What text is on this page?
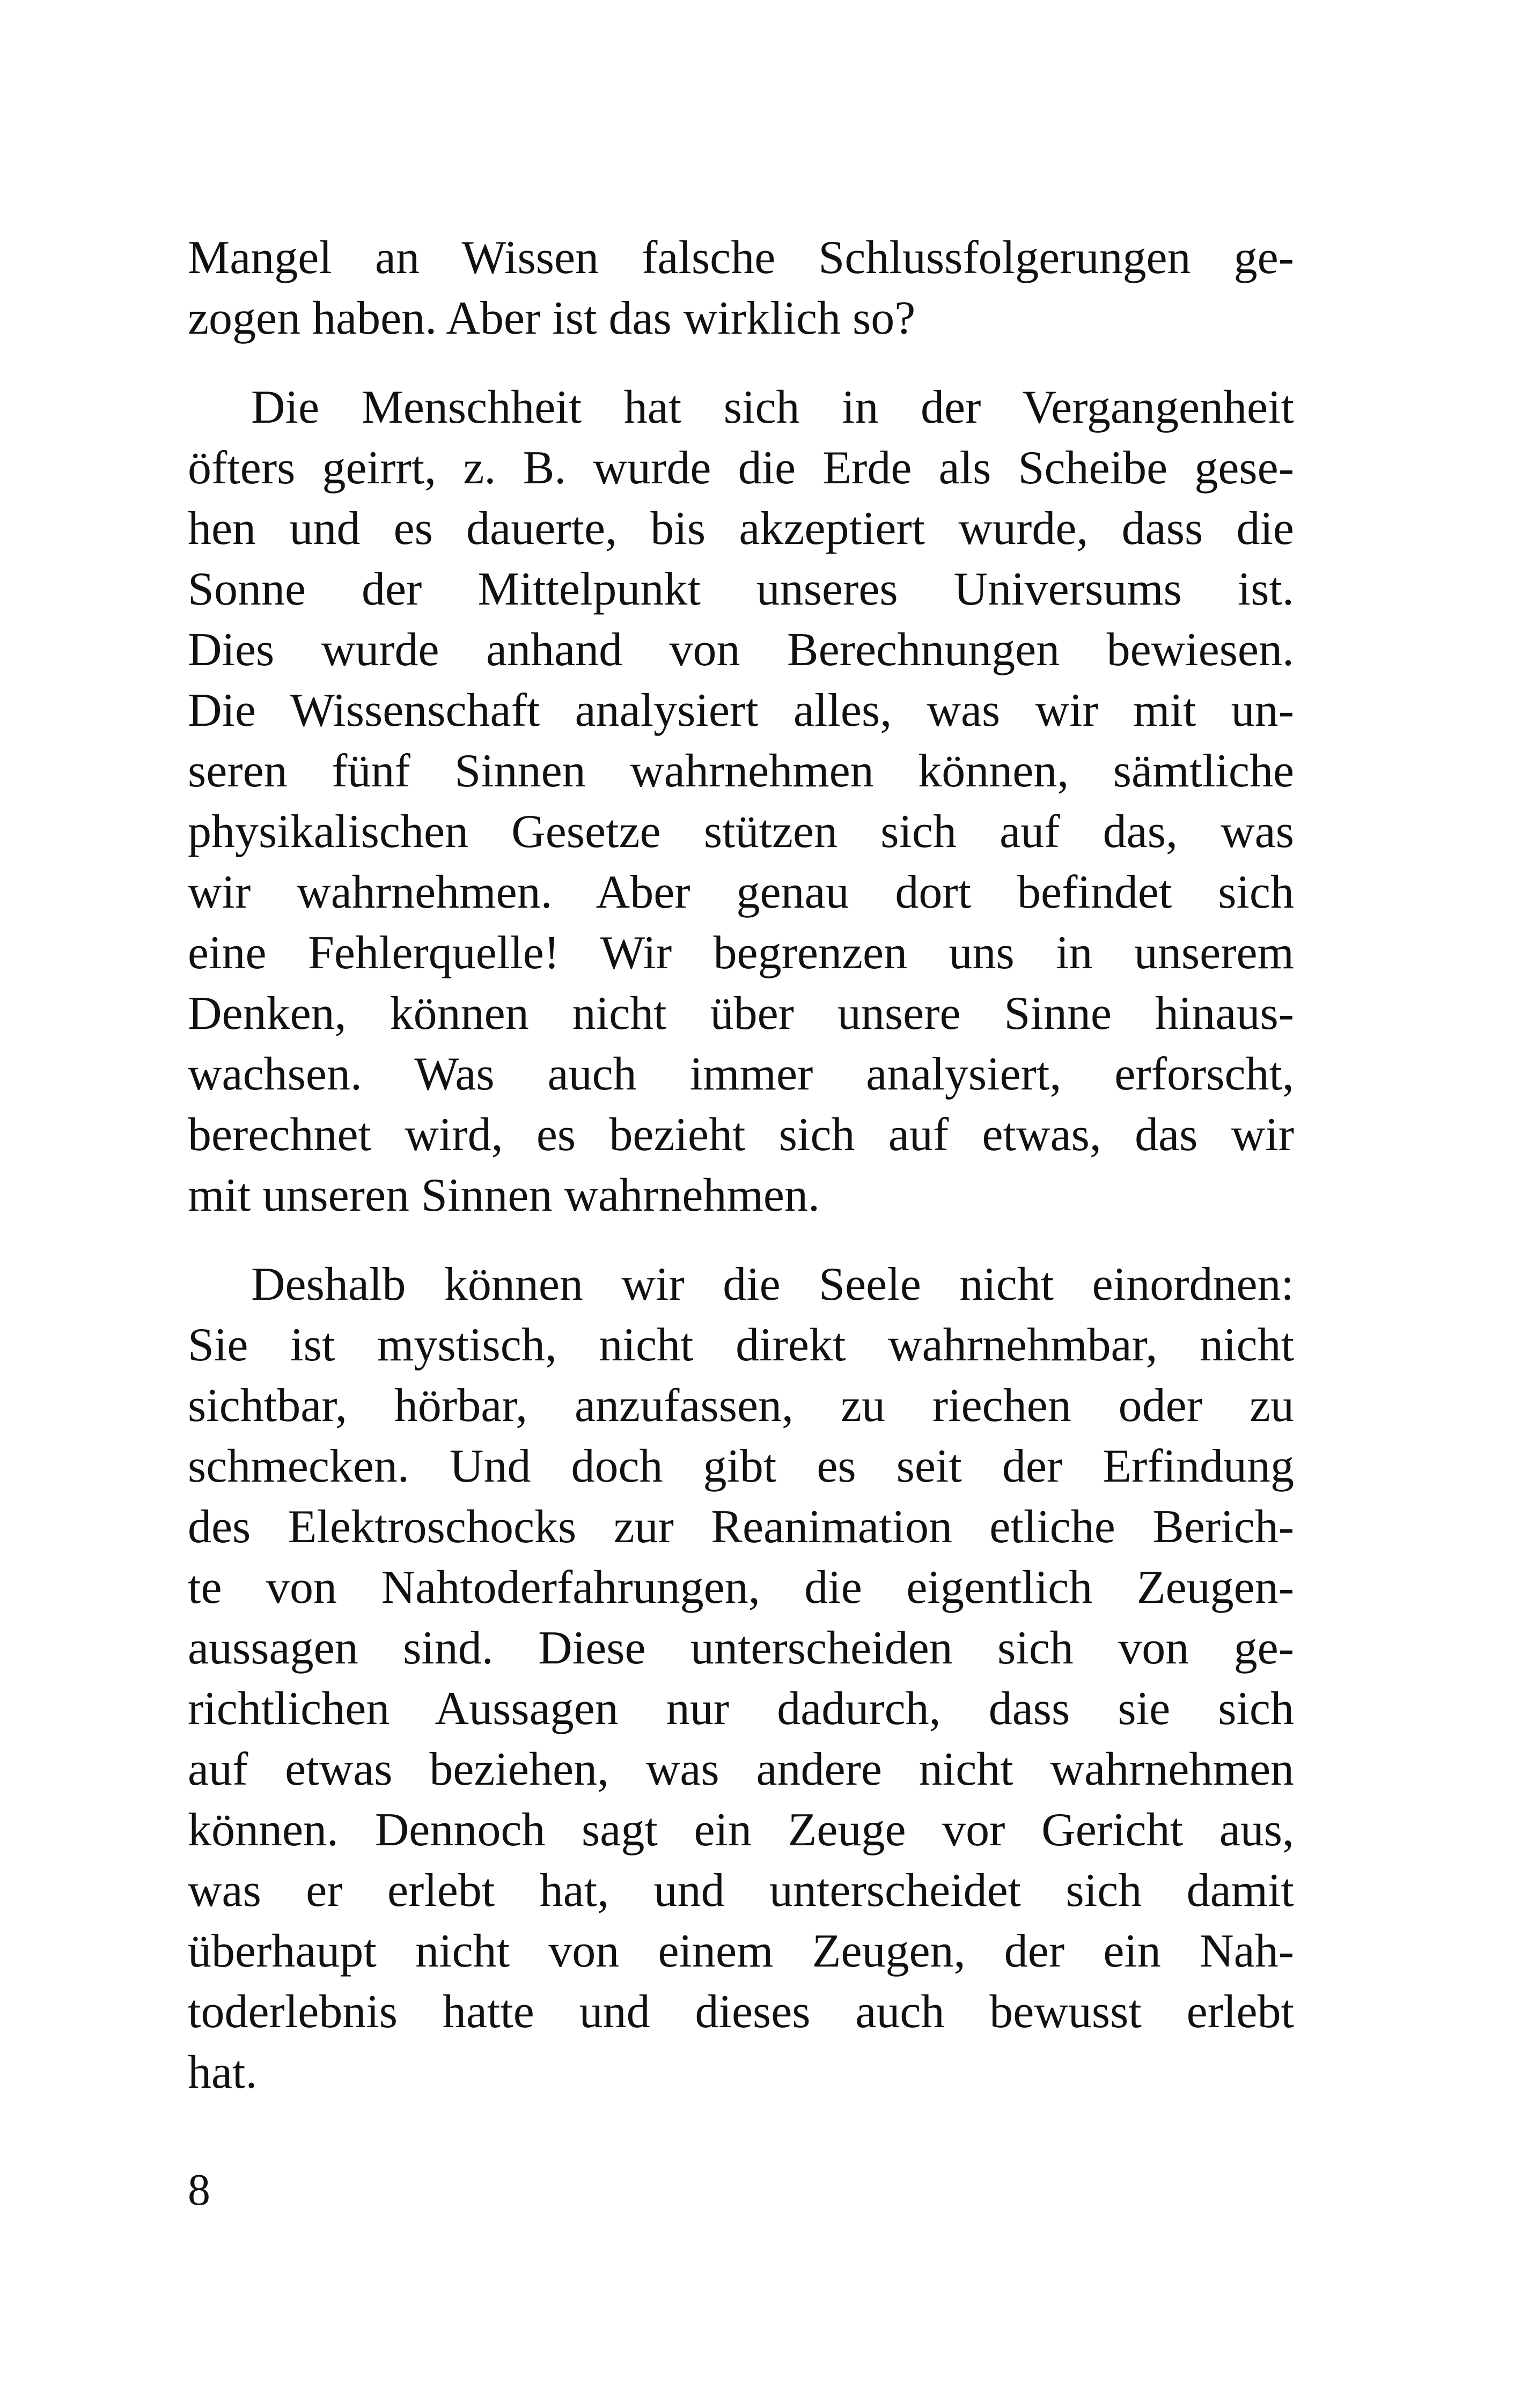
Mangel an Wissen falsche Schlussfolgerungen ge-
zogen haben. Aber ist das wirklich so?
Die Menschheit hat sich in der Vergangenheit
öfters geirrt, z. B. wurde die Erde als Scheibe gese-
hen und es dauerte, bis akzeptiert wurde, dass die
Sonne der Mittelpunkt unseres Universums ist.
Dies wurde anhand von Berechnungen bewiesen.
Die Wissenschaft analysiert alles, was wir mit un-
seren fünf Sinnen wahrnehmen können, sämtliche
physikalischen Gesetze stützen sich auf das, was
wir wahrnehmen. Aber genau dort befindet sich
eine Fehlerquelle! Wir begrenzen uns in unserem
Denken, können nicht über unsere Sinne hinaus-
wachsen. Was auch immer analysiert, erforscht,
berechnet wird, es bezieht sich auf etwas, das wir
mit unseren Sinnen wahrnehmen.
Deshalb können wir die Seele nicht einordnen:
Sie ist mystisch, nicht direkt wahrnehmbar, nicht
sichtbar, hörbar, anzufassen, zu riechen oder zu
schmecken. Und doch gibt es seit der Erfindung
des Elektroschocks zur Reanimation etliche Berich-
te von Nahtoderfahrungen, die eigentlich Zeugen-
aussagen sind. Diese unterscheiden sich von ge-
richtlichen Aussagen nur dadurch, dass sie sich
auf etwas beziehen, was andere nicht wahrnehmen
können. Dennoch sagt ein Zeuge vor Gericht aus,
was er erlebt hat, und unterscheidet sich damit
überhaupt nicht von einem Zeugen, der ein Nah-
toderlebnis hatte und dieses auch bewusst erlebt
hat.
8
